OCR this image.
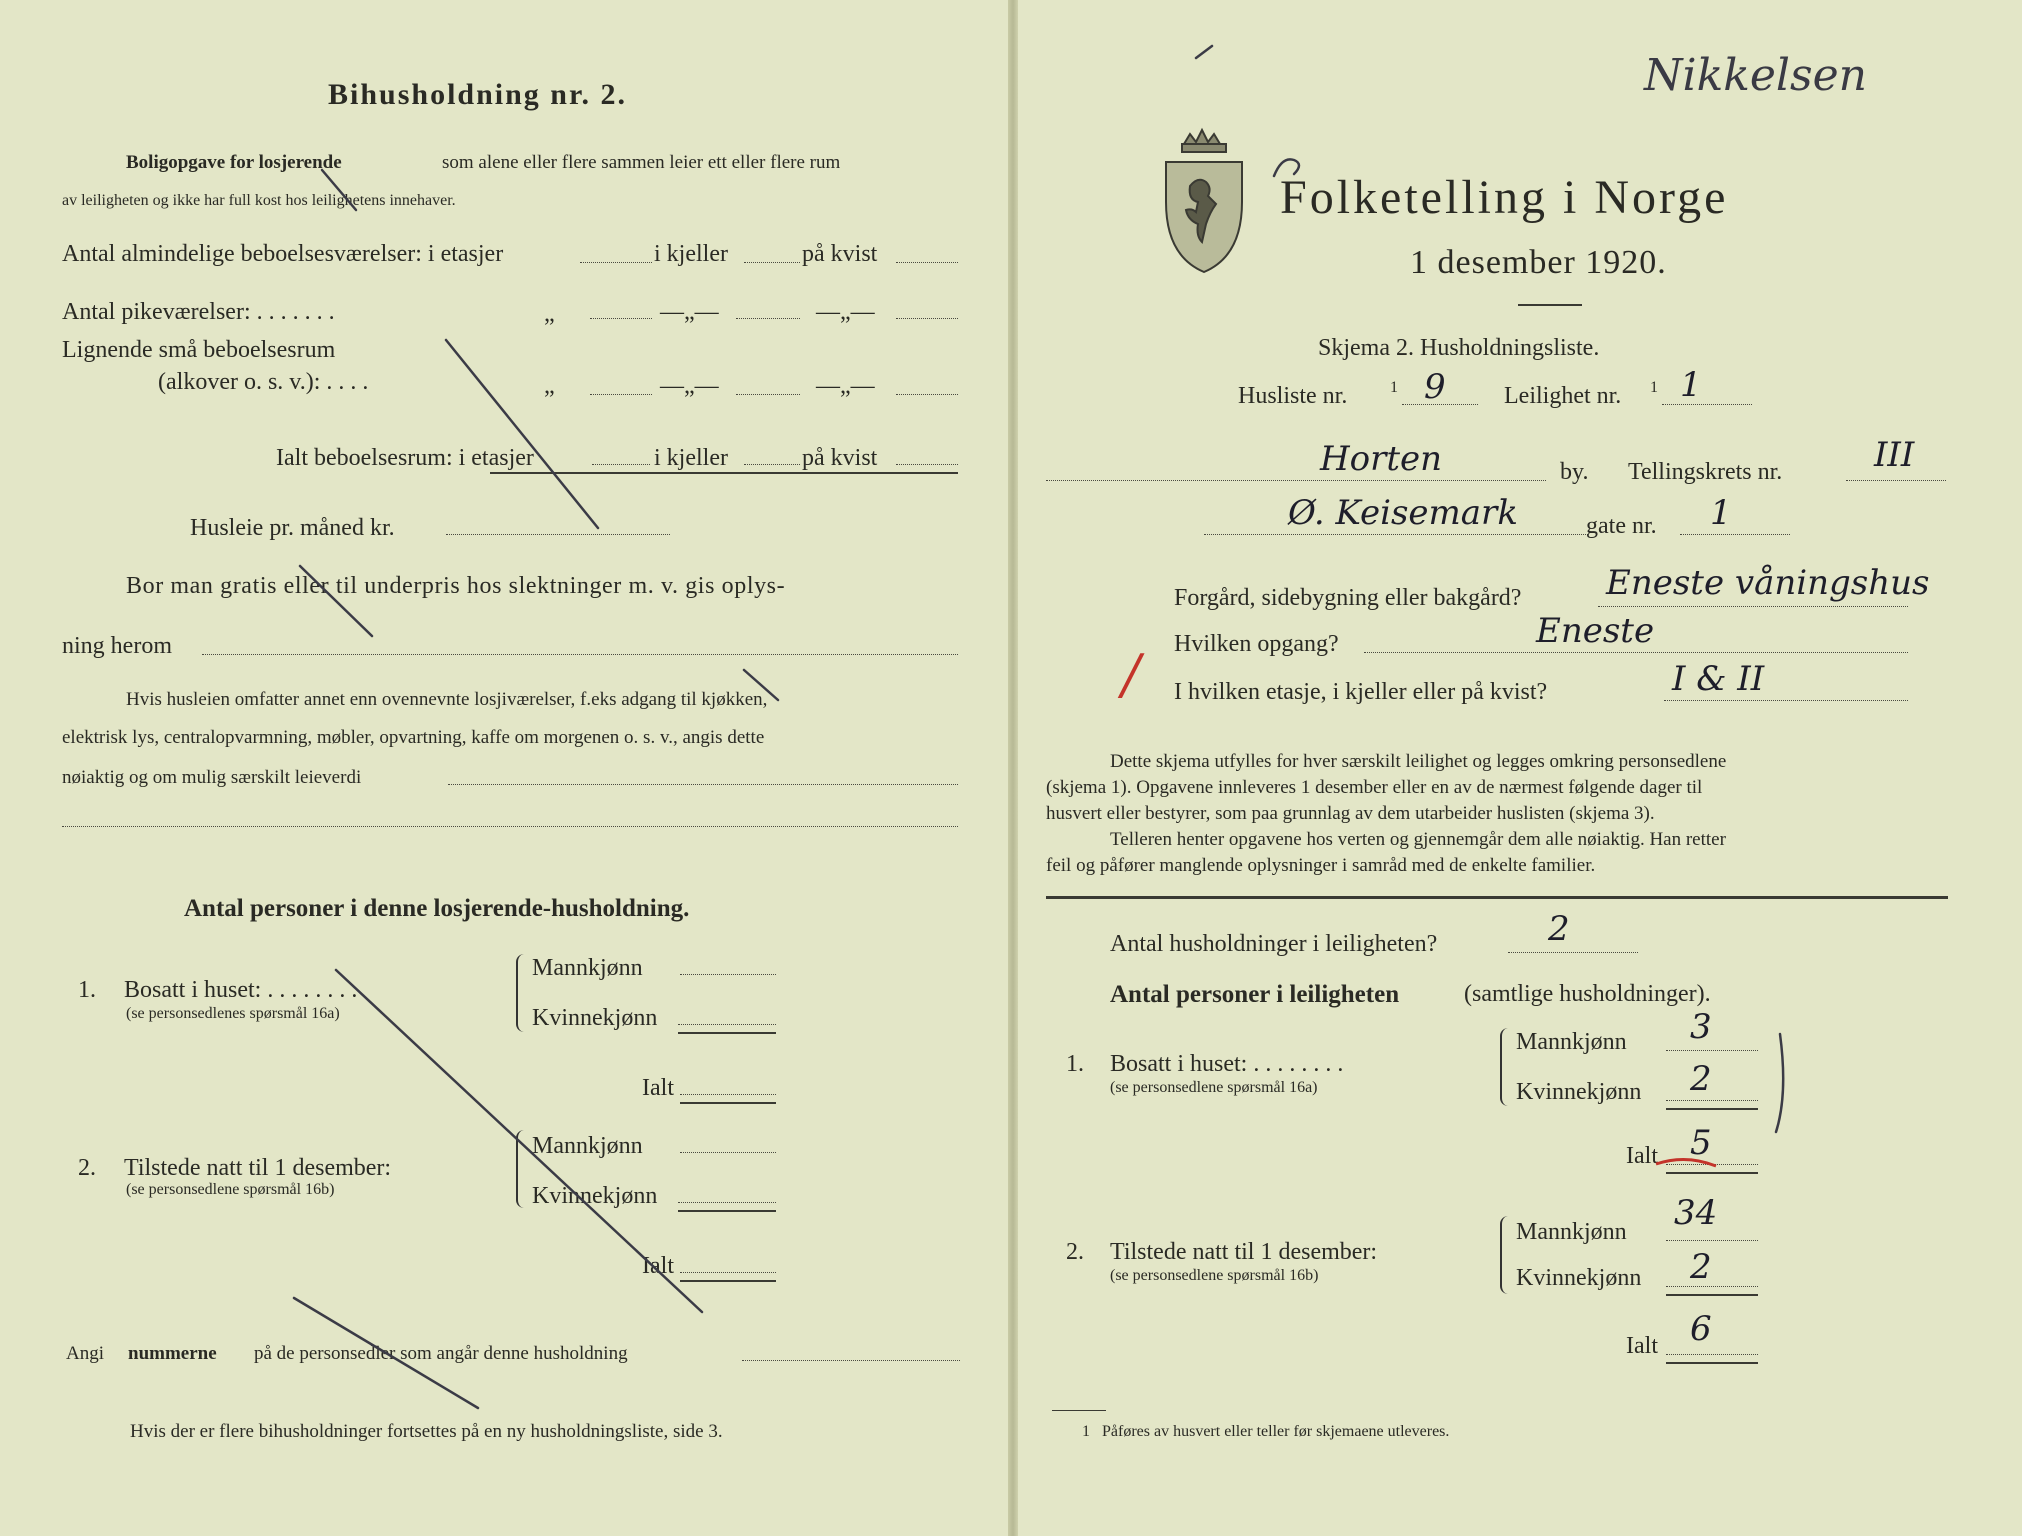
Bihusholdning nr. 2.
Boligopgave for losjerende	som alene eller flere sammen leier ett eller flere rum
av leiligheten og ikke har full kost hos leilighetens innehaver.
Antal almindelige beboelsesværelser: i etasjer	i kjeller	på kvist
Antal pikeværelser: . . . . . . .	„	—„—	—„—
Lignende små beboelsesrum
(alkover o. s. v.): . . . .	„	—„—	—„—
Ialt beboelsesrum: i etasjer	i kjeller	på kvist
Husleie pr. måned kr.
Bor man gratis eller til underpris hos slektninger m. v. gis oplys-
ning herom
Hvis husleien omfatter annet enn ovennevnte losjiværelser, f.eks adgang til kjøkken,
elektrisk lys, centralopvarmning, møbler, opvartning, kaffe om morgenen o. s. v., angis dette
nøiaktig og om mulig særskilt leieverdi
Antal personer i denne losjerende-husholdning.
1. Bosatt i huset: . . . . . . . .
(se personsedlenes spørsmål 16a)
Mannkjønn
Kvinnekjønn
Ialt
2. Tilstede natt til 1 desember:
(se personsedlene spørsmål 16b)
Mannkjønn
Kvinnekjønn
Ialt
Angi nummerne på de personsedler som angår denne husholdning
Hvis der er flere bihusholdninger fortsettes på en ny husholdningsliste, side 3.
Nikkelsen
Folketelling i Norge
1 desember 1920.
Skjema 2. Husholdningsliste.
Husliste nr.	1 9 Leilighet nr. 1 1
Horten	by. Tellingskrets nr.	III
Ø. Keisemark	gate nr. 1
Forgård, sidebygning eller bakgård? Eneste våningshus
Hvilken opgang?	Eneste
/ I hvilken etasje, i kjeller eller på kvist?	I & II
Dette skjema utfylles for hver særskilt leilighet og legges omkring personsedlene
(skjema 1). Opgavene innleveres 1 desember eller en av de nærmest følgende dager til
husvert eller bestyrer, som paa grunnlag av dem utarbeider huslisten (skjema 3).
Telleren henter opgavene hos verten og gjennemgår dem alle nøiaktig. Han retter
feil og påfører manglende oplysninger i samråd med de enkelte familier.
Antal husholdninger i leiligheten?	2
Antal personer i leiligheten	(samtlige husholdninger).
1. Bosatt i huset: . . . . . . . .
(se personsedlene spørsmål 16a)
Mannkjønn 3
Kvinnekjønn 2
Ialt 5
2. Tilstede natt til 1 desember:
(se personsedlene spørsmål 16b)
Mannkjønn 34
Kvinnekjønn 2
Ialt 6
1 Påføres av husvert eller teller før skjemaene utleveres.
